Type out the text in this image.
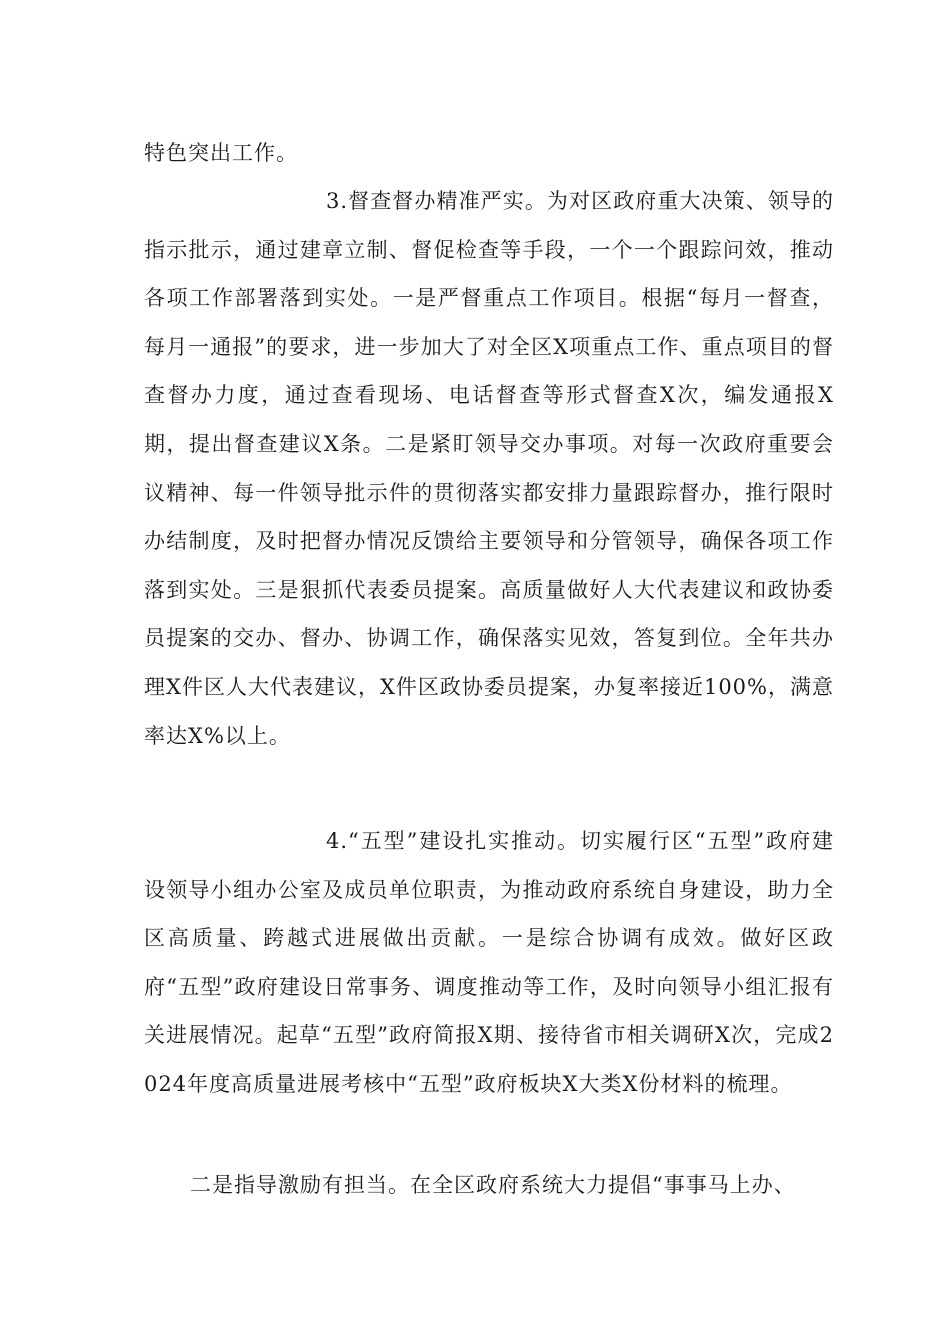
特色突出工作。

3.督查督办精准严实。为对区政府重大决策、领导的指示批示，通过建章立制、督促检查等手段，一个一个跟踪问效，推动各项工作部署落到实处。一是严督重点工作项目。根据“每月一督查，每月一通报”的要求，进一步加大了对全区X项重点工作、重点项目的督查督办力度，通过查看现场、电话督查等形式督查X次，编发通报X期，提出督查建议X条。二是紧盯领导交办事项。对每一次政府重要会议精神、每一件领导批示件的贯彻落实都安排力量跟踪督办，推行限时办结制度，及时把督办情况反馈给主要领导和分管领导，确保各项工作落到实处。三是狠抓代表委员提案。高质量做好人大代表建议和政协委员提案的交办、督办、协调工作，确保落实见效，答复到位。全年共办理X件区人大代表建议，X件区政协委员提案，办复率接近100%，满意率达X%以上。

4.“五型”建设扎实推动。切实履行区“五型”政府建设领导小组办公室及成员单位职责，为推动政府系统自身建设，助力全区高质量、跨越式进展做出贡献。一是综合协调有成效。做好区政府“五型”政府建设日常事务、调度推动等工作，及时向领导小组汇报有关进展情况。起草“五型”政府简报X期、接待省市相关调研X次，完成2024年度高质量进展考核中“五型”政府板块X大类X份材料的梳理。

二是指导激励有担当。在全区政府系统大力提倡“事事马上办、
